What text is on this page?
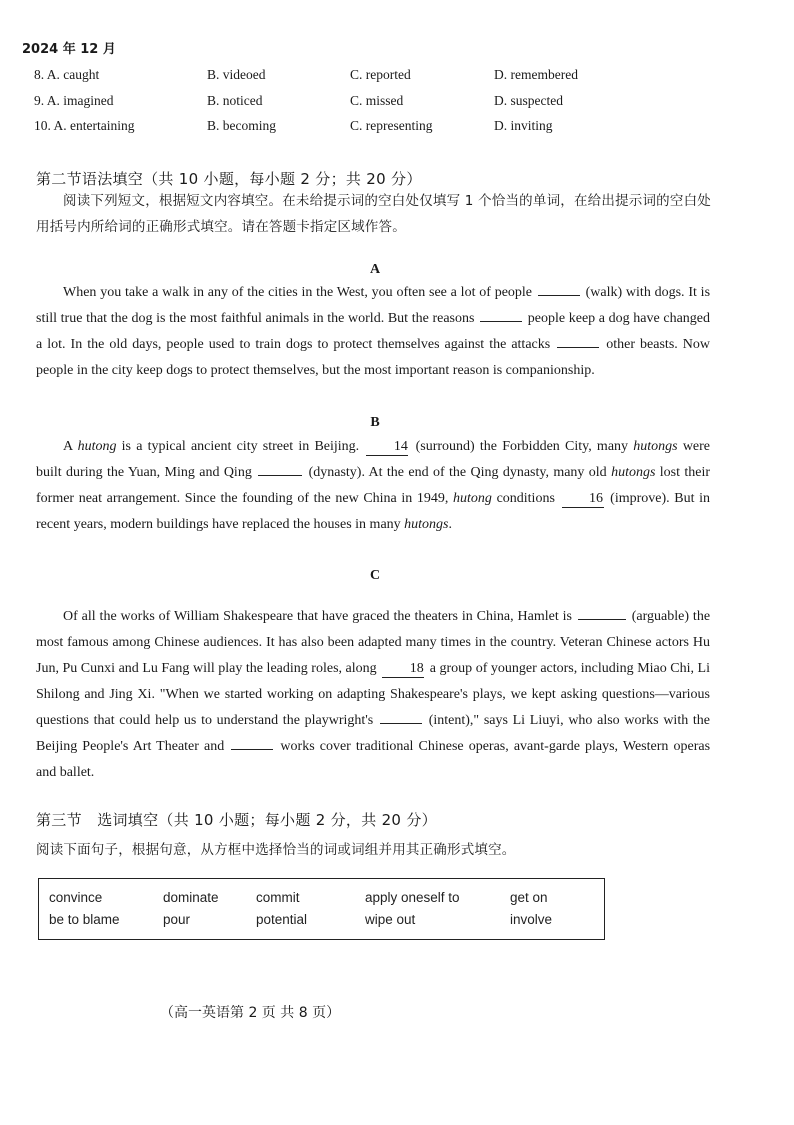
2024 年 12 月
8. A. caught	B. videoed	C. reported	D. remembered
9. A. imagined	B. noticed	C. missed	D. suspected
10. A. entertaining	B. becoming	C. representing	D. inviting
第二节语法填空（共 10 小题，每小题 2 分；共 20 分）
阅读下列短文，根据短文内容填空。在未给提示词的空白处仅填写 1 个恰当的单词，在给出提示词的空白处用括号内所给词的正确形式填空。请在答题卡指定区域作答。
A
When you take a walk in any of the cities in the West, you often see a lot of people	(walk) with dogs. It is still true that the dog is the most faithful animals in the world. But the reasons	people keep a dog have changed a lot. In the old days, people used to train dogs to protect themselves against the attacks	other beasts. Now people in the city keep dogs to protect themselves, but the most important reason is companionship.
B
A hutong is a typical ancient city street in Beijing. 14 (surround) the Forbidden City, many hutongs were built during the Yuan, Ming and Qing	(dynasty). At the end of the Qing dynasty, many old hutongs lost their former neat arrangement. Since the founding of the new China in 1949, hutong conditions 16 (improve). But in recent years, modern buildings have replaced the houses in many hutongs.
C
Of all the works of William Shakespeare that have graced the theaters in China, Hamlet is	(arguable) the most famous among Chinese audiences. It has also been adapted many times in the country. Veteran Chinese actors Hu Jun, Pu Cunxi and Lu Fang will play the leading roles, along 18 a group of younger actors, including Miao Chi, Li Shilong and Jing Xi. "When we started working on adapting Shakespeare's plays, we kept asking questions—various questions that could help us to understand the playwright's	(intent)," says Li Liuyi, who also works with the Beijing People's Art Theater and	works cover traditional Chinese operas, avant-garde plays, Western operas and ballet.
第三节　选词填空（共 10 小题；每小题 2 分，共 20 分）
阅读下面句子，根据句意，从方框中选择恰当的词或词组并用其正确形式填空。
convince	dominate	commit	apply oneself to	get on
be to blame	pour	potential	wipe out	involve
（高一英语第 2 页 共 8 页）
